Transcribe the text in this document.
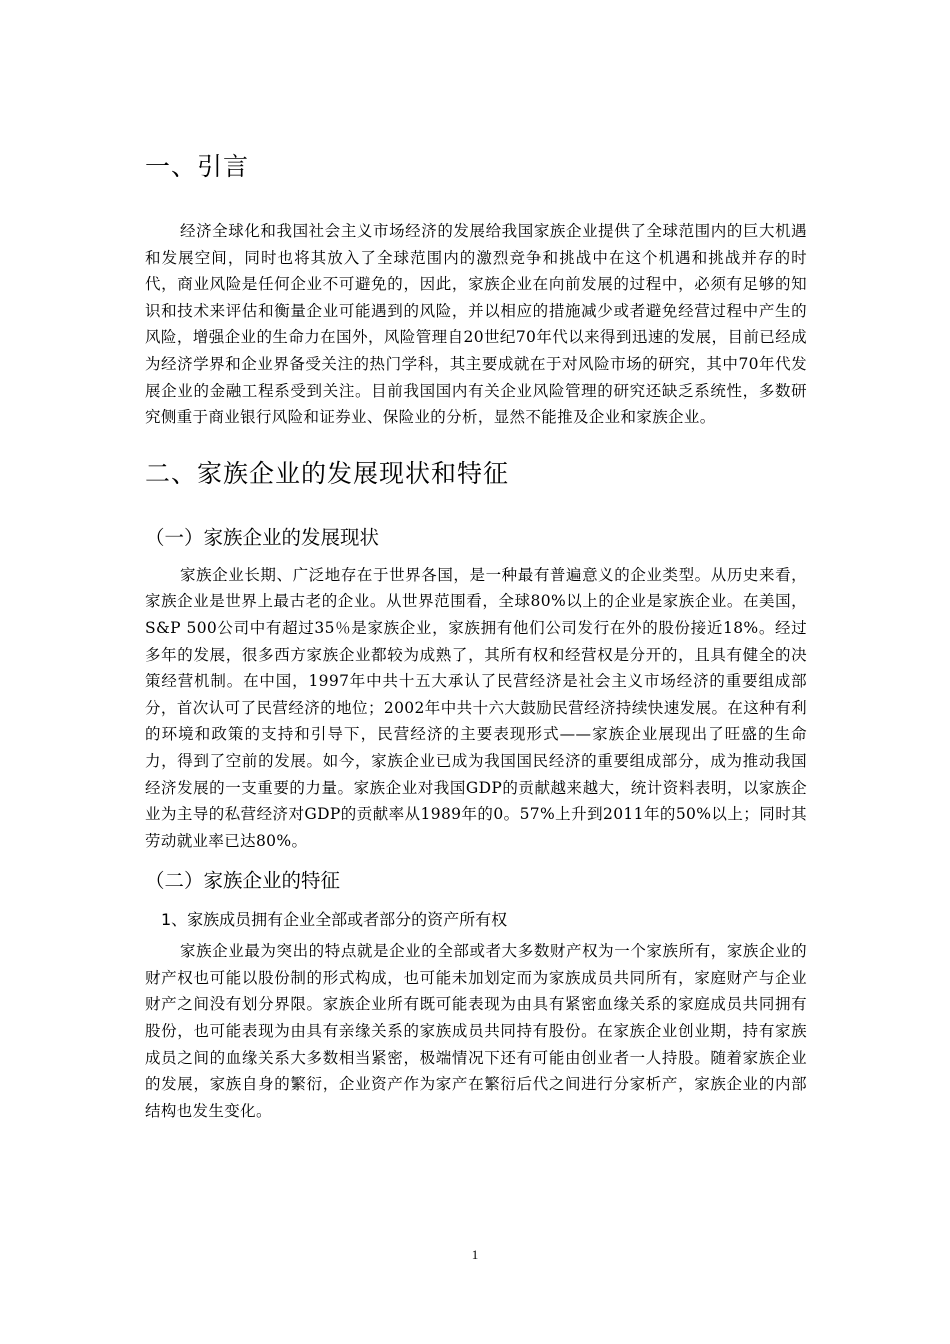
一、引言

经济全球化和我国社会主义市场经济的发展给我国家族企业提供了全球范围内的巨大机遇和发展空间，同时也将其放入了全球范围内的激烈竞争和挑战中在这个机遇和挑战并存的时代，商业风险是任何企业不可避免的，因此，家族企业在向前发展的过程中，必须有足够的知识和技术来评估和衡量企业可能遇到的风险，并以相应的措施减少或者避免经营过程中产生的风险，增强企业的生命力在国外，风险管理自20世纪70年代以来得到迅速的发展，目前已经成为经济学界和企业界备受关注的热门学科，其主要成就在于对风险市场的研究，其中70年代发展企业的金融工程系受到关注。目前我国国内有关企业风险管理的研究还缺乏系统性，多数研究侧重于商业银行风险和证券业、保险业的分析，显然不能推及企业和家族企业。

二、家族企业的发展现状和特征
（一）家族企业的发展现状

家族企业长期、广泛地存在于世界各国，是一种最有普遍意义的企业类型。从历史来看，家族企业是世界上最古老的企业。从世界范围看，全球80%以上的企业是家族企业。在美国，S&P 500公司中有超过35％是家族企业，家族拥有他们公司发行在外的股份接近18%。经过多年的发展，很多西方家族企业都较为成熟了，其所有权和经营权是分开的，且具有健全的决策经营机制。在中国，1997年中共十五大承认了民营经济是社会主义市场经济的重要组成部分，首次认可了民营经济的地位；2002年中共十六大鼓励民营经济持续快速发展。在这种有利的环境和政策的支持和引导下，民营经济的主要表现形式——家族企业展现出了旺盛的生命力，得到了空前的发展。如今，家族企业已成为我国国民经济的重要组成部分，成为推动我国经济发展的一支重要的力量。家族企业对我国GDP的贡献越来越大，统计资料表明，以家族企业为主导的私营经济对GDP的贡献率从1989年的0。57%上升到2011年的50%以上；同时其劳动就业率已达80%。

（二）家族企业的特征
1、家族成员拥有企业全部或者部分的资产所有权

家族企业最为突出的特点就是企业的全部或者大多数财产权为一个家族所有，家族企业的财产权也可能以股份制的形式构成，也可能未加划定而为家族成员共同所有，家庭财产与企业财产之间没有划分界限。家族企业所有既可能表现为由具有紧密血缘关系的家庭成员共同拥有股份，也可能表现为由具有亲缘关系的家族成员共同持有股份。在家族企业创业期，持有家族成员之间的血缘关系大多数相当紧密，极端情况下还有可能由创业者一人持股。随着家族企业的发展，家族自身的繁衍，企业资产作为家产在繁衍后代之间进行分家析产，家族企业的内部结构也发生变化。

1
